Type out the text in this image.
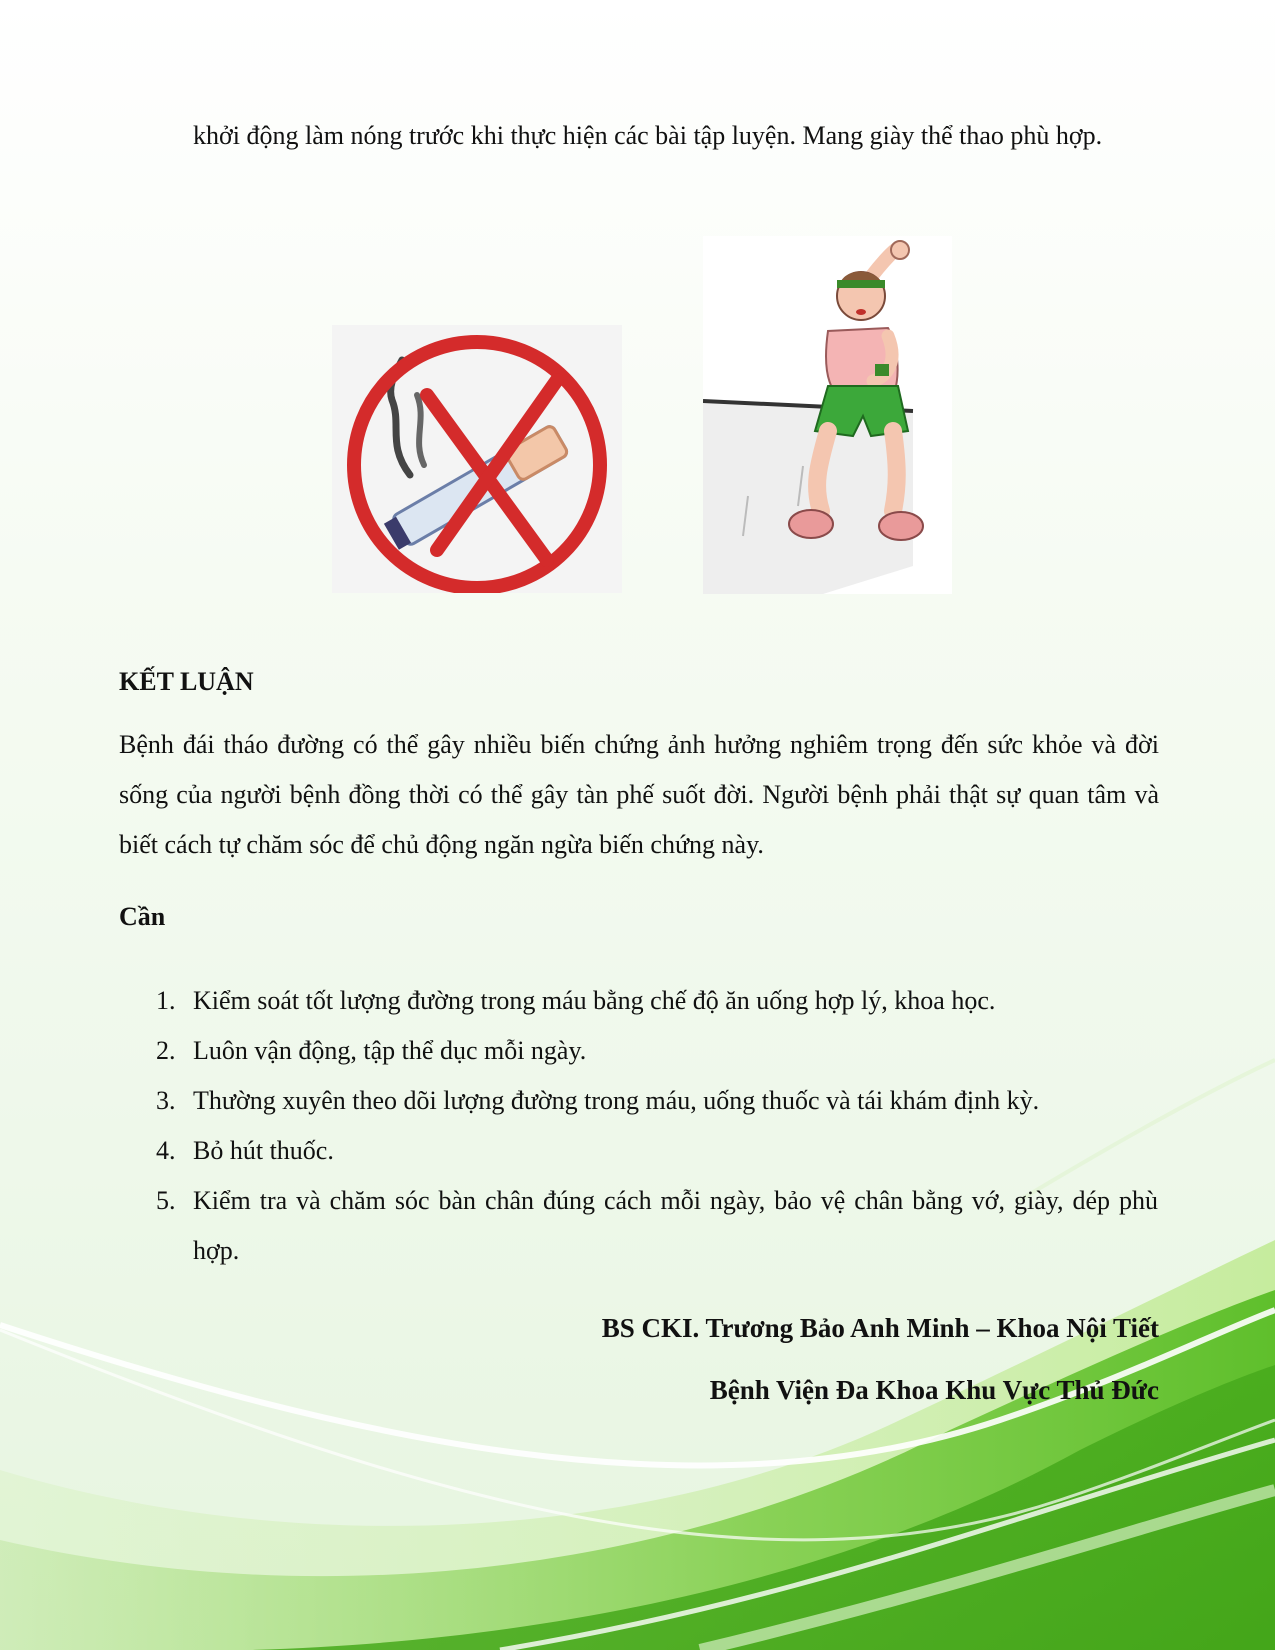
khởi động làm nóng trước khi thực hiện các bài tập luyện. Mang giày thể thao phù hợp.

KẾT LUẬN

Bệnh đái tháo đường có thể gây nhiều biến chứng ảnh hưởng nghiêm trọng đến sức khỏe và đời sống của người bệnh đồng thời có thể gây tàn phế suốt đời. Người bệnh phải thật sự quan tâm và biết cách tự chăm sóc để chủ động ngăn ngừa biến chứng này.

Cần
1. Kiểm soát tốt lượng đường trong máu bằng chế độ ăn uống hợp lý, khoa học.
2. Luôn vận động, tập thể dục mỗi ngày.
3. Thường xuyên theo dõi lượng đường trong máu, uống thuốc và tái khám định kỳ.
4. Bỏ hút thuốc.
5. Kiểm tra và chăm sóc bàn chân đúng cách mỗi ngày, bảo vệ chân bằng vớ, giày, dép phù hợp.

BS CKI. Trương Bảo Anh Minh – Khoa Nội Tiết

Bệnh Viện Đa Khoa Khu Vực Thủ Đức
